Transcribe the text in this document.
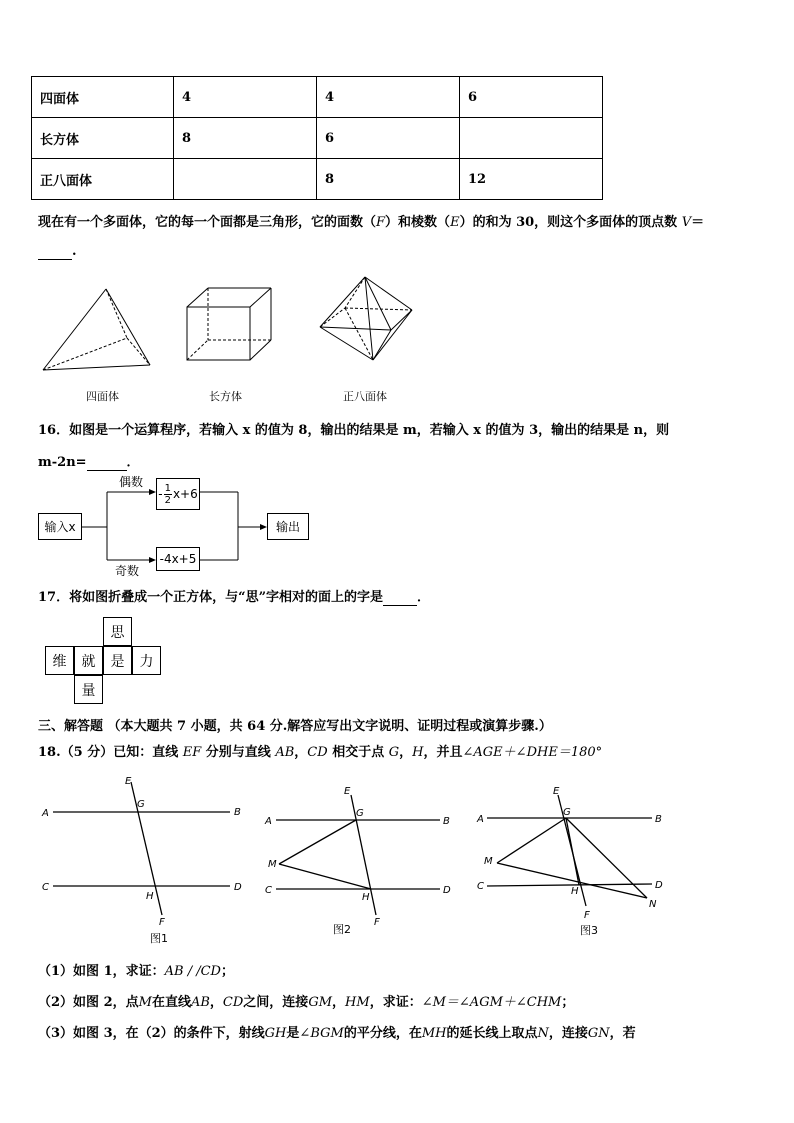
四面体	4	4	6
长方体	8	6	
正八面体		8	12
现在有一个多面体，它的每一个面都是三角形，它的面数（F）和棱数（E）的和为 30，则这个多面体的顶点数 V＝
.
四面体	长方体	正八面体
16．如图是一个运算程序，若输入 x 的值为 8，输出的结果是 m，若输入 x 的值为 3，输出的结果是 n，则
m-2n=	．
偶数
奇数
输入x
- $\frac{1}{2} x+6$
-4x+5
输出
17．将如图折叠成一个正方体，与“思”字相对的面上的字是	．
思
维	就	是	力
量
三、解答题 （本大题共 7 小题，共 64 分.解答应写出文字说明、证明过程或演算步骤.）
18.（5 分）已知：直线 EF 分别与直线 AB，CD 相交于点 G，H，并且∠AGE＋∠DHE＝180°
A	B
C	D
E
G
H
F
A	B
C	D
E
G
M
H
F
A	B
C	D
E
G
M
H
F
N
图1
图2	图3
（1）如图 1，求证：AB / /CD；
（2）如图 2，点M在直线AB，CD之间，连接GM，HM，求证：∠M＝∠AGM＋∠CHM；
（3）如图 3，在（2）的条件下，射线GH是∠BGM的平分线，在MH的延长线上取点N，连接GN，若
